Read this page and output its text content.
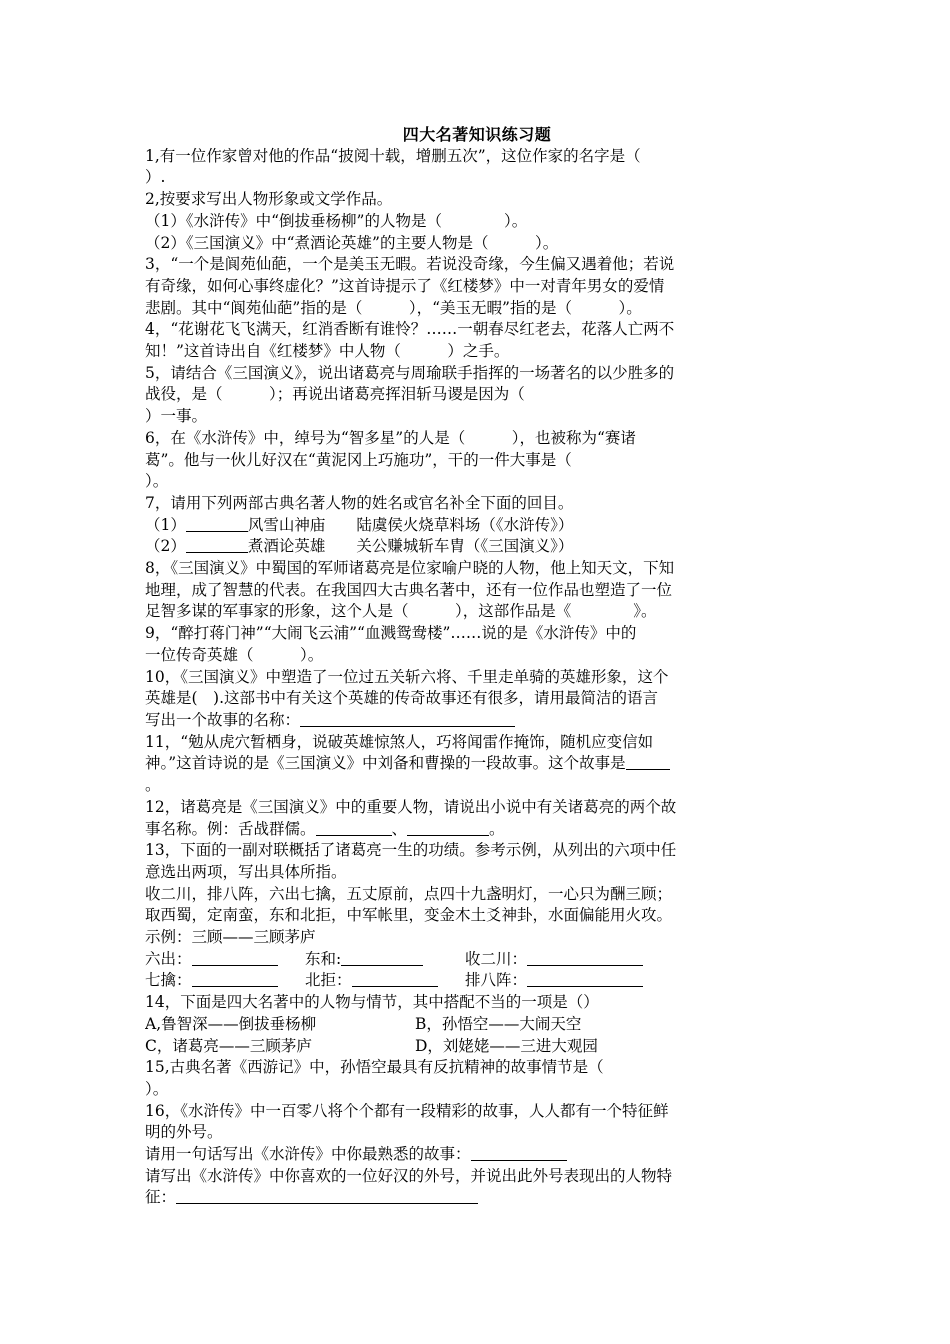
四大名著知识练习题
1,有一位作家曾对他的作品“披阅十载，增删五次”，这位作家的名字是（
）.
2,按要求写出人物形象或文学作品。
（1）《水浒传》中“倒拔垂杨柳”的人物是（　　　　）。
（2）《三国演义》中“煮酒论英雄”的主要人物是（　　　）。
3，“一个是阆苑仙葩，一个是美玉无暇。若说没奇缘，今生偏又遇着他；若说
有奇缘，如何心事终虚化？”这首诗提示了《红楼梦》中一对青年男女的爱情
悲剧。其中“阆苑仙葩”指的是（　　　），“美玉无暇”指的是（　　　）。
4，“花谢花飞飞满天，红消香断有谁怜？……一朝春尽红老去，花落人亡两不
知！”这首诗出自《红楼梦》中人物（　　　）之手。
5，请结合《三国演义》，说出诸葛亮与周瑜联手指挥的一场著名的以少胜多的
战役，是（　　　）；再说出诸葛亮挥泪斩马谡是因为（
）一事。
6，在《水浒传》中，绰号为“智多星”的人是（　　　），也被称为“赛诸
葛”。他与一伙儿好汉在“黄泥冈上巧施功”，干的一件大事是（
）。
7，请用下列两部古典名著人物的姓名或官名补全下面的回目。
（1）	风雪山神庙　　陆虞侯火烧草料场（《水浒传》）
（2）	煮酒论英雄　　关公赚城斩车胄（《三国演义》）
8，《三国演义》中蜀国的军师诸葛亮是位家喻户晓的人物，他上知天文，下知
地理，成了智慧的代表。在我国四大古典名著中，还有一位作品也塑造了一位
足智多谋的军事家的形象，这个人是（　　　），这部作品是《　　　　》。
9，“醉打蒋门神”“大闹飞云浦”“血溅鸳鸯楼”……说的是《水浒传》中的
一位传奇英雄（　　　）。
10，《三国演义》中塑造了一位过五关斩六将、千里走单骑的英雄形象，这个
英雄是(　).这部书中有关这个英雄的传奇故事还有很多，请用最简洁的语言
写出一个故事的名称：
11，“勉从虎穴暂栖身，说破英雄惊煞人，巧将闻雷作掩饰，随机应变信如
神。”这首诗说的是《三国演义》中刘备和曹操的一段故事。这个故事是
。
12，诸葛亮是《三国演义》中的重要人物，请说出小说中有关诸葛亮的两个故
事名称。例：舌战群儒。	、	。
13，下面的一副对联概括了诸葛亮一生的功绩。参考示例，从列出的六项中任
意选出两项，写出具体所指。
收二川，排八阵，六出七擒，五丈原前，点四十九盏明灯，一心只为酬三顾；
取西蜀，定南蛮，东和北拒，中军帐里，变金木土爻神卦，水面偏能用火攻。
示例：三顾——三顾茅庐
六出：	东和:	收二川：
七擒：	北拒：	排八阵：
14，下面是四大名著中的人物与情节，其中搭配不当的一项是（）
A,鲁智深——倒拔垂杨柳	B，孙悟空——大闹天空
C，诸葛亮——三顾茅庐	D，刘姥姥——三进大观园
15,古典名著《西游记》中，孙悟空最具有反抗精神的故事情节是（
）。
16，《水浒传》中一百零八将个个都有一段精彩的故事，人人都有一个特征鲜
明的外号。
请用一句话写出《水浒传》中你最熟悉的故事：
请写出《水浒传》中你喜欢的一位好汉的外号，并说出此外号表现出的人物特
征：
